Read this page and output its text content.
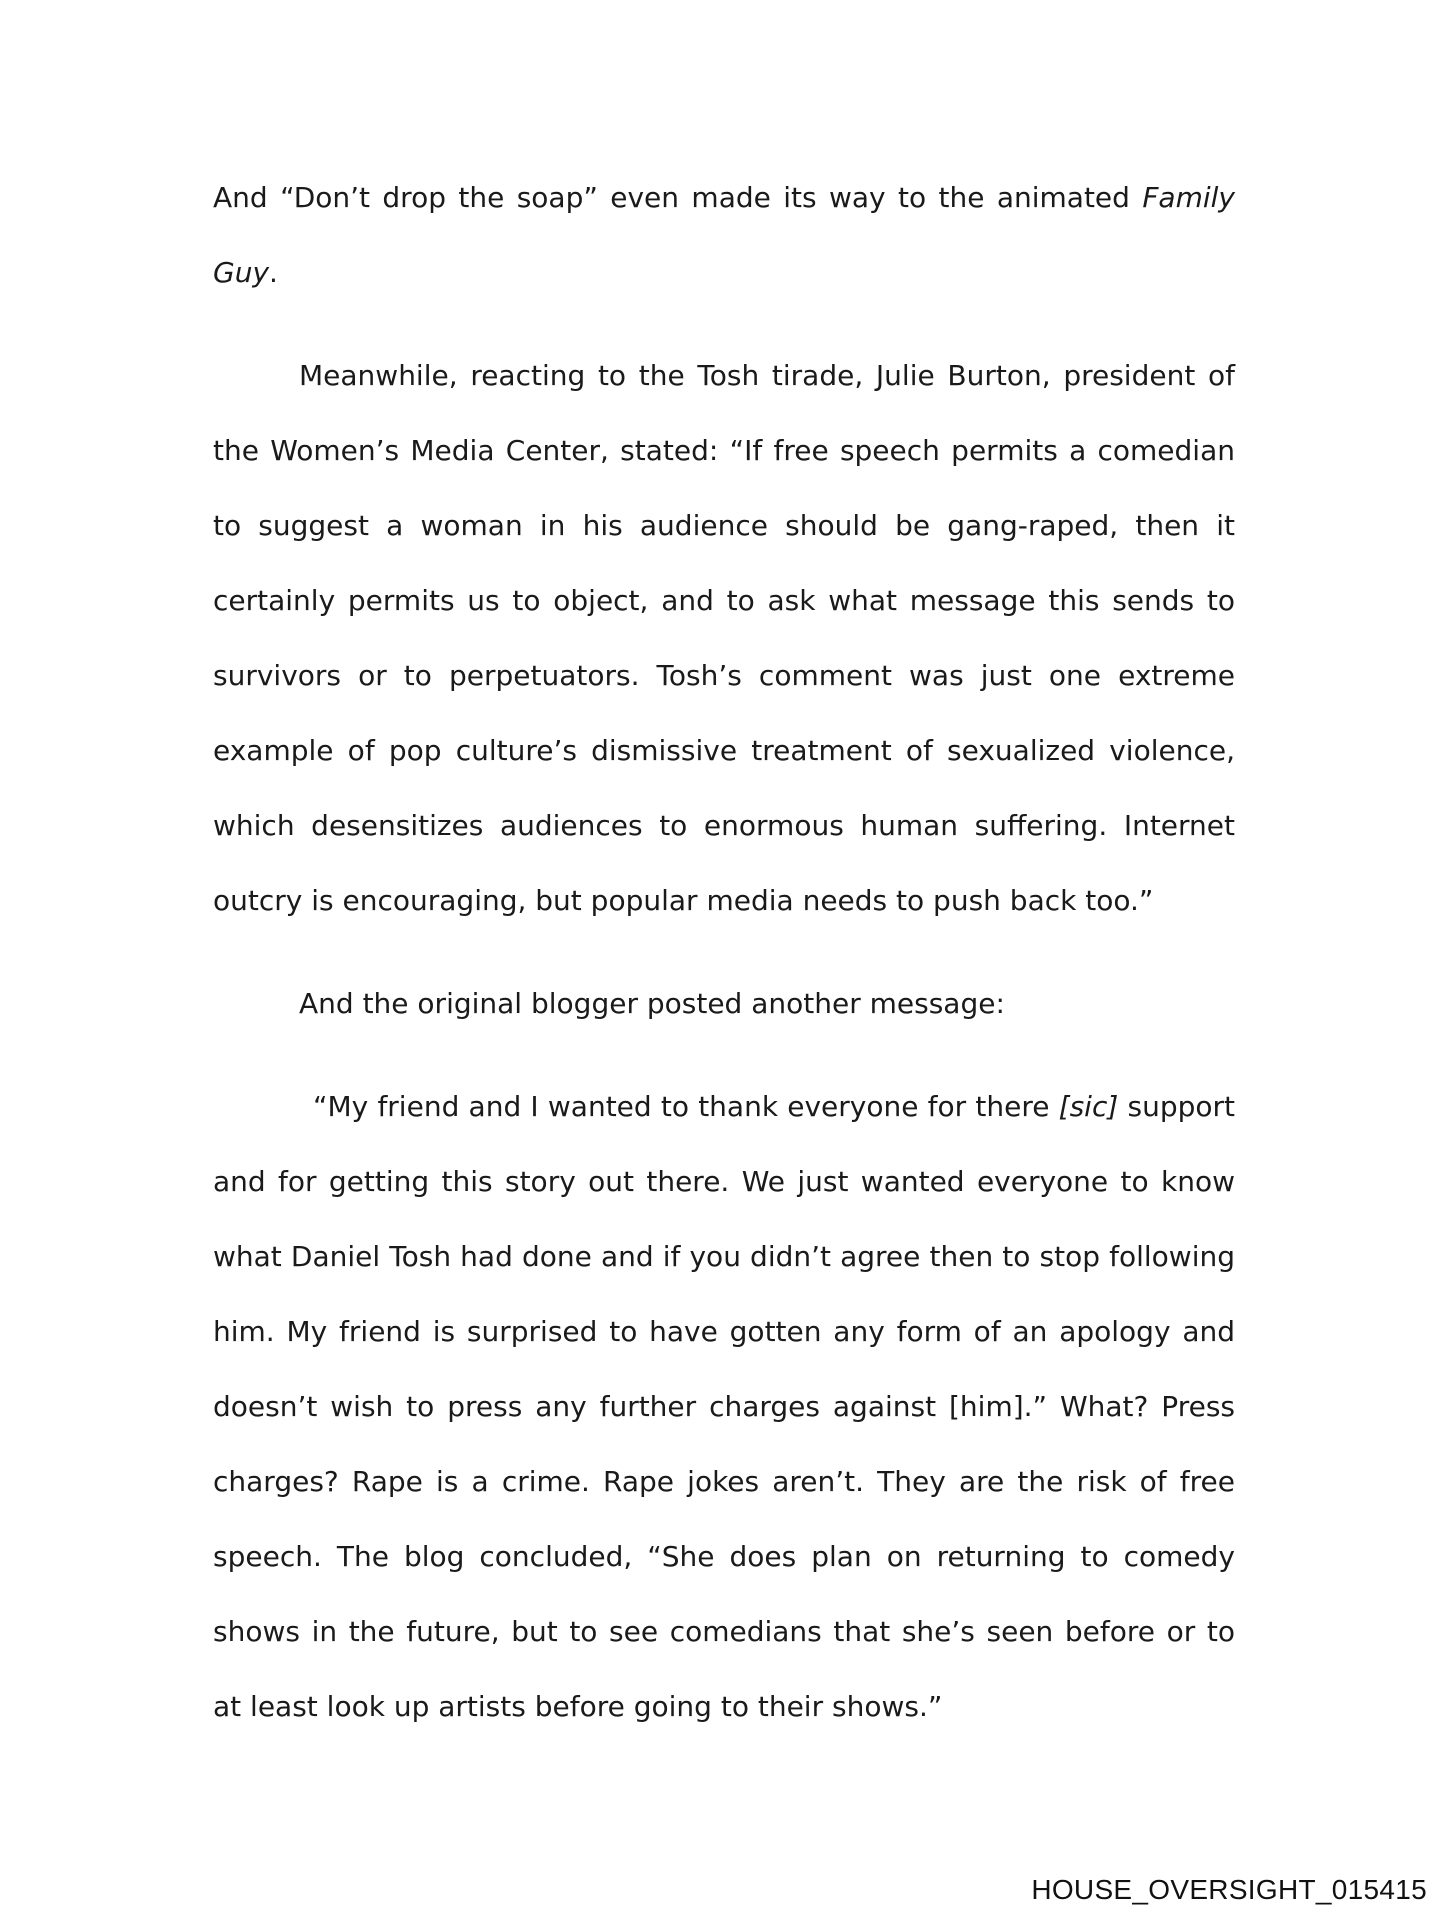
And “Don’t drop the soap” even made its way to the animated Family Guy.

Meanwhile, reacting to the Tosh tirade, Julie Burton, president of the Women’s Media Center, stated: “If free speech permits a comedian to suggest a woman in his audience should be gang-raped, then it certainly permits us to object, and to ask what message this sends to survivors or to perpetuators. Tosh’s comment was just one extreme example of pop culture’s dismissive treatment of sexualized violence, which desensitizes audiences to enormous human suffering. Internet outcry is encouraging, but popular media needs to push back too.”

And the original blogger posted another message:

“My friend and I wanted to thank everyone for there [sic] support and for getting this story out there. We just wanted everyone to know what Daniel Tosh had done and if you didn’t agree then to stop following him. My friend is surprised to have gotten any form of an apology and doesn’t wish to press any further charges against [him].” What? Press charges? Rape is a crime. Rape jokes aren’t. They are the risk of free speech. The blog concluded, “She does plan on returning to comedy shows in the future, but to see comedians that she’s seen before or to at least look up artists before going to their shows.”

HOUSE_OVERSIGHT_015415
